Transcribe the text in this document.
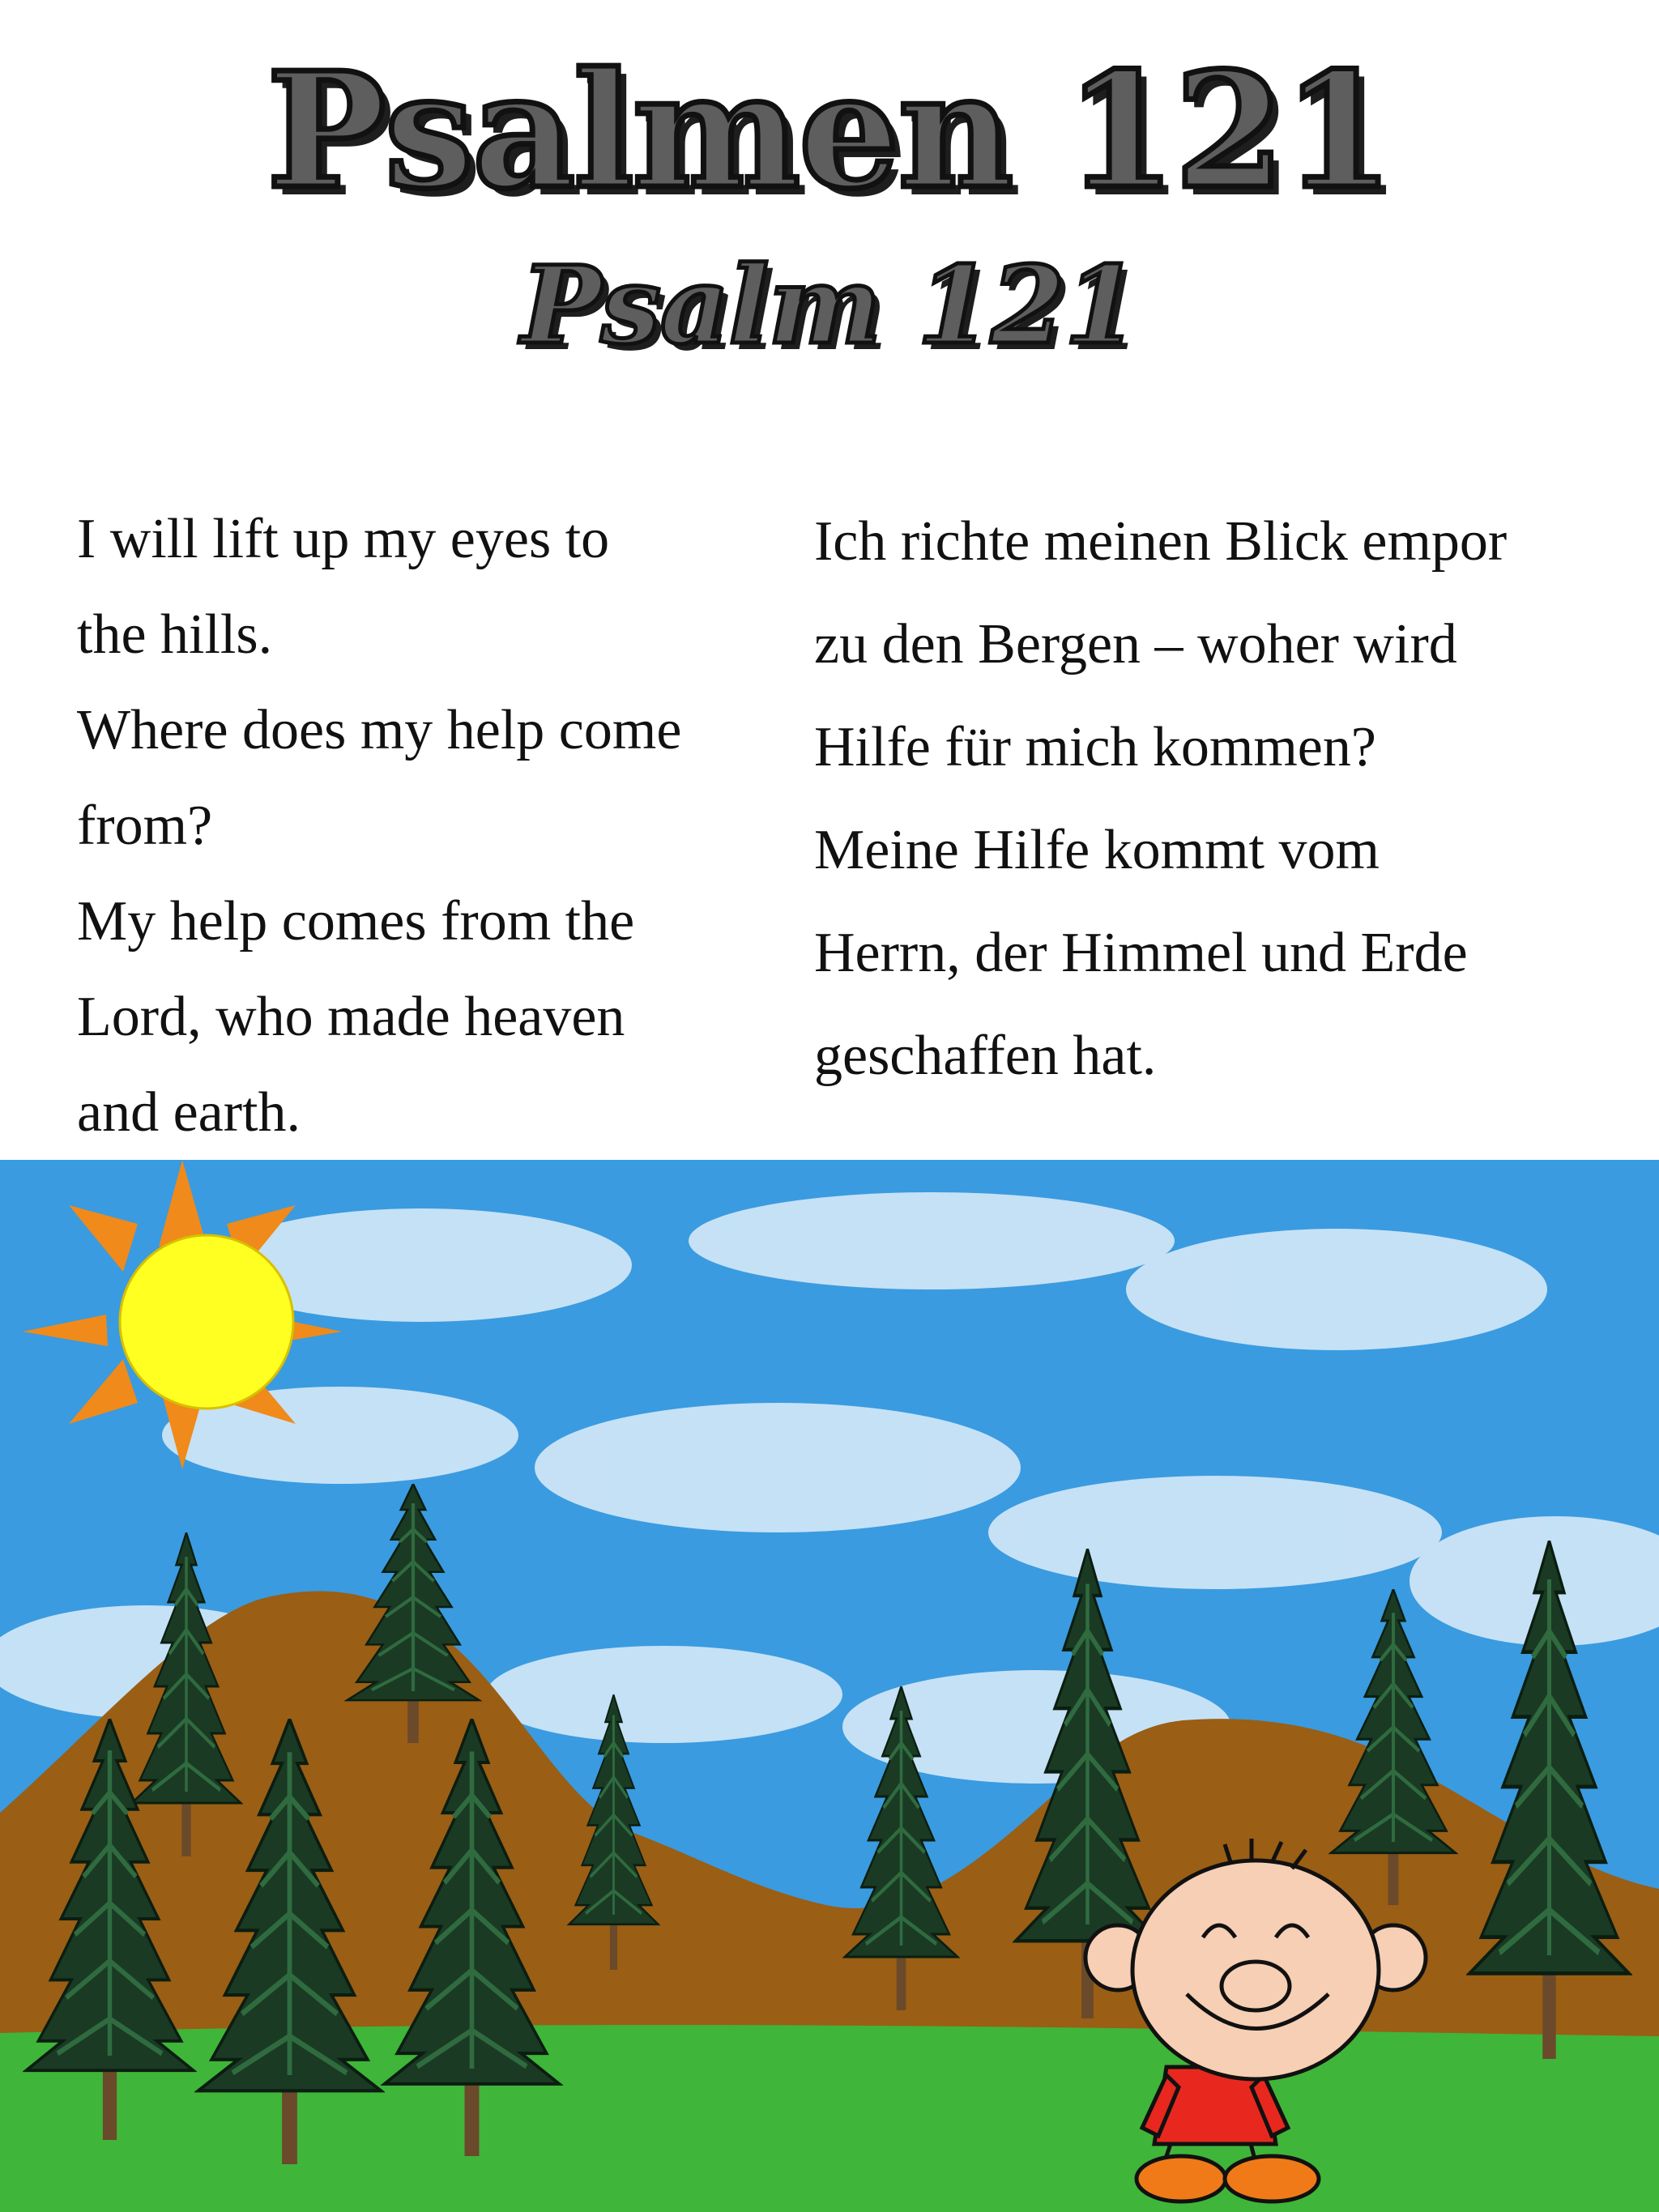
Psalmen 121
Psalm 121
I will lift up my eyes to
the hills.
Where does my help come
from?
My help comes from the
Lord, who made heaven
and earth.
Ich richte meinen Blick empor
zu den Bergen – woher wird
Hilfe für mich kommen?
Meine Hilfe kommt vom
Herrn, der Himmel und Erde
geschaffen hat.
